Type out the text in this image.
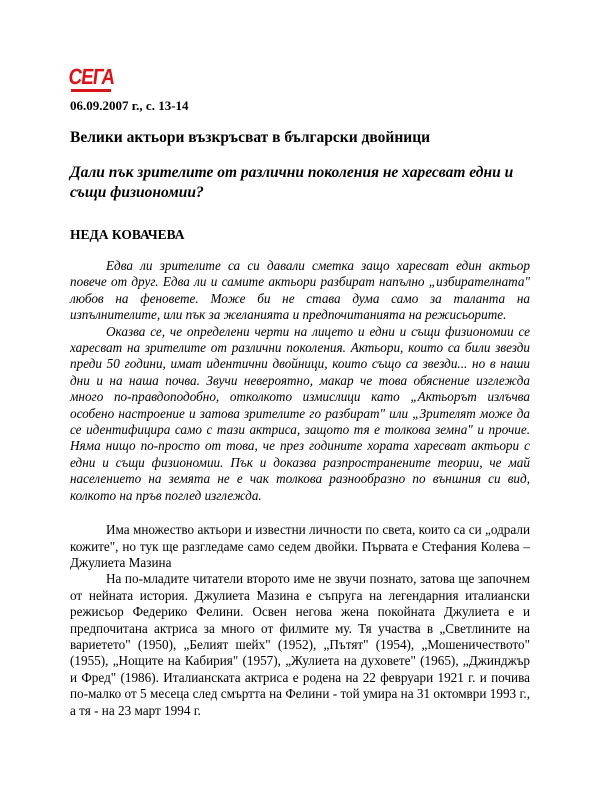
СЕГА
06.09.2007 г., с. 13-14
Велики актьори възкръсват в български двойници
Дали пък зрителите от различни поколения не харесват едни и същи физиономии?
НЕДА КОВАЧЕВА

Едва ли зрителите са си давали сметка защо харесват един актьор повече от друг. Едва ли и самите актьори разбират напълно „избирателната" любов на феновете. Може би не става дума само за таланта на изпълнителите, или пък за желанията и предпочитанията на режисьорите.

Оказва се, че определени черти на лицето и едни и същи физиономии се харесват на зрителите от различни поколения. Актьори, които са били звезди преди 50 години, имат идентични двойници, които също са звезди... но в наши дни и на наша почва. Звучи невероятно, макар че това обяснение изглежда много по-правдоподобно, отколкото измислици като „Актьорът излъчва особено настроение и затова зрителите го разбират" или „Зрителят може да се идентифицира само с тази актриса, защото тя е толкова земна" и прочие. Няма нищо по-просто от това, че през годините хората харесват актьори с едни и същи физиономии. Пък и доказва разпространените теории, че май населението на земята не е чак толкова разнообразно по външния си вид, колкото на пръв поглед изглежда.

Има множество актьори и известни личности по света, които са си „одрали кожите", но тук ще разгледаме само седем двойки. Първата е Стефания Колева – Джулиета Мазина

На по-младите читатели второто име не звучи познато, затова ще започнем от нейната история. Джулиета Мазина е съпруга на легендарния италиански режисьор Федерико Фелини. Освен негова жена покойната Джулиета е и предпочитана актриса за много от филмите му. Тя участва в „Светлините на вариетето" (1950), „Белият шейх" (1952), „Пътят" (1954), „Мошеничеството" (1955), „Нощите на Кабирия" (1957), „Жулиета на духовете" (1965), „Джинджър и Фред" (1986). Италианската актриса е родена на 22 февруари 1921 г. и почива по-малко от 5 месеца след смъртта на Фелини - той умира на 31 октомври 1993 г., а тя - на 23 март 1994 г.
